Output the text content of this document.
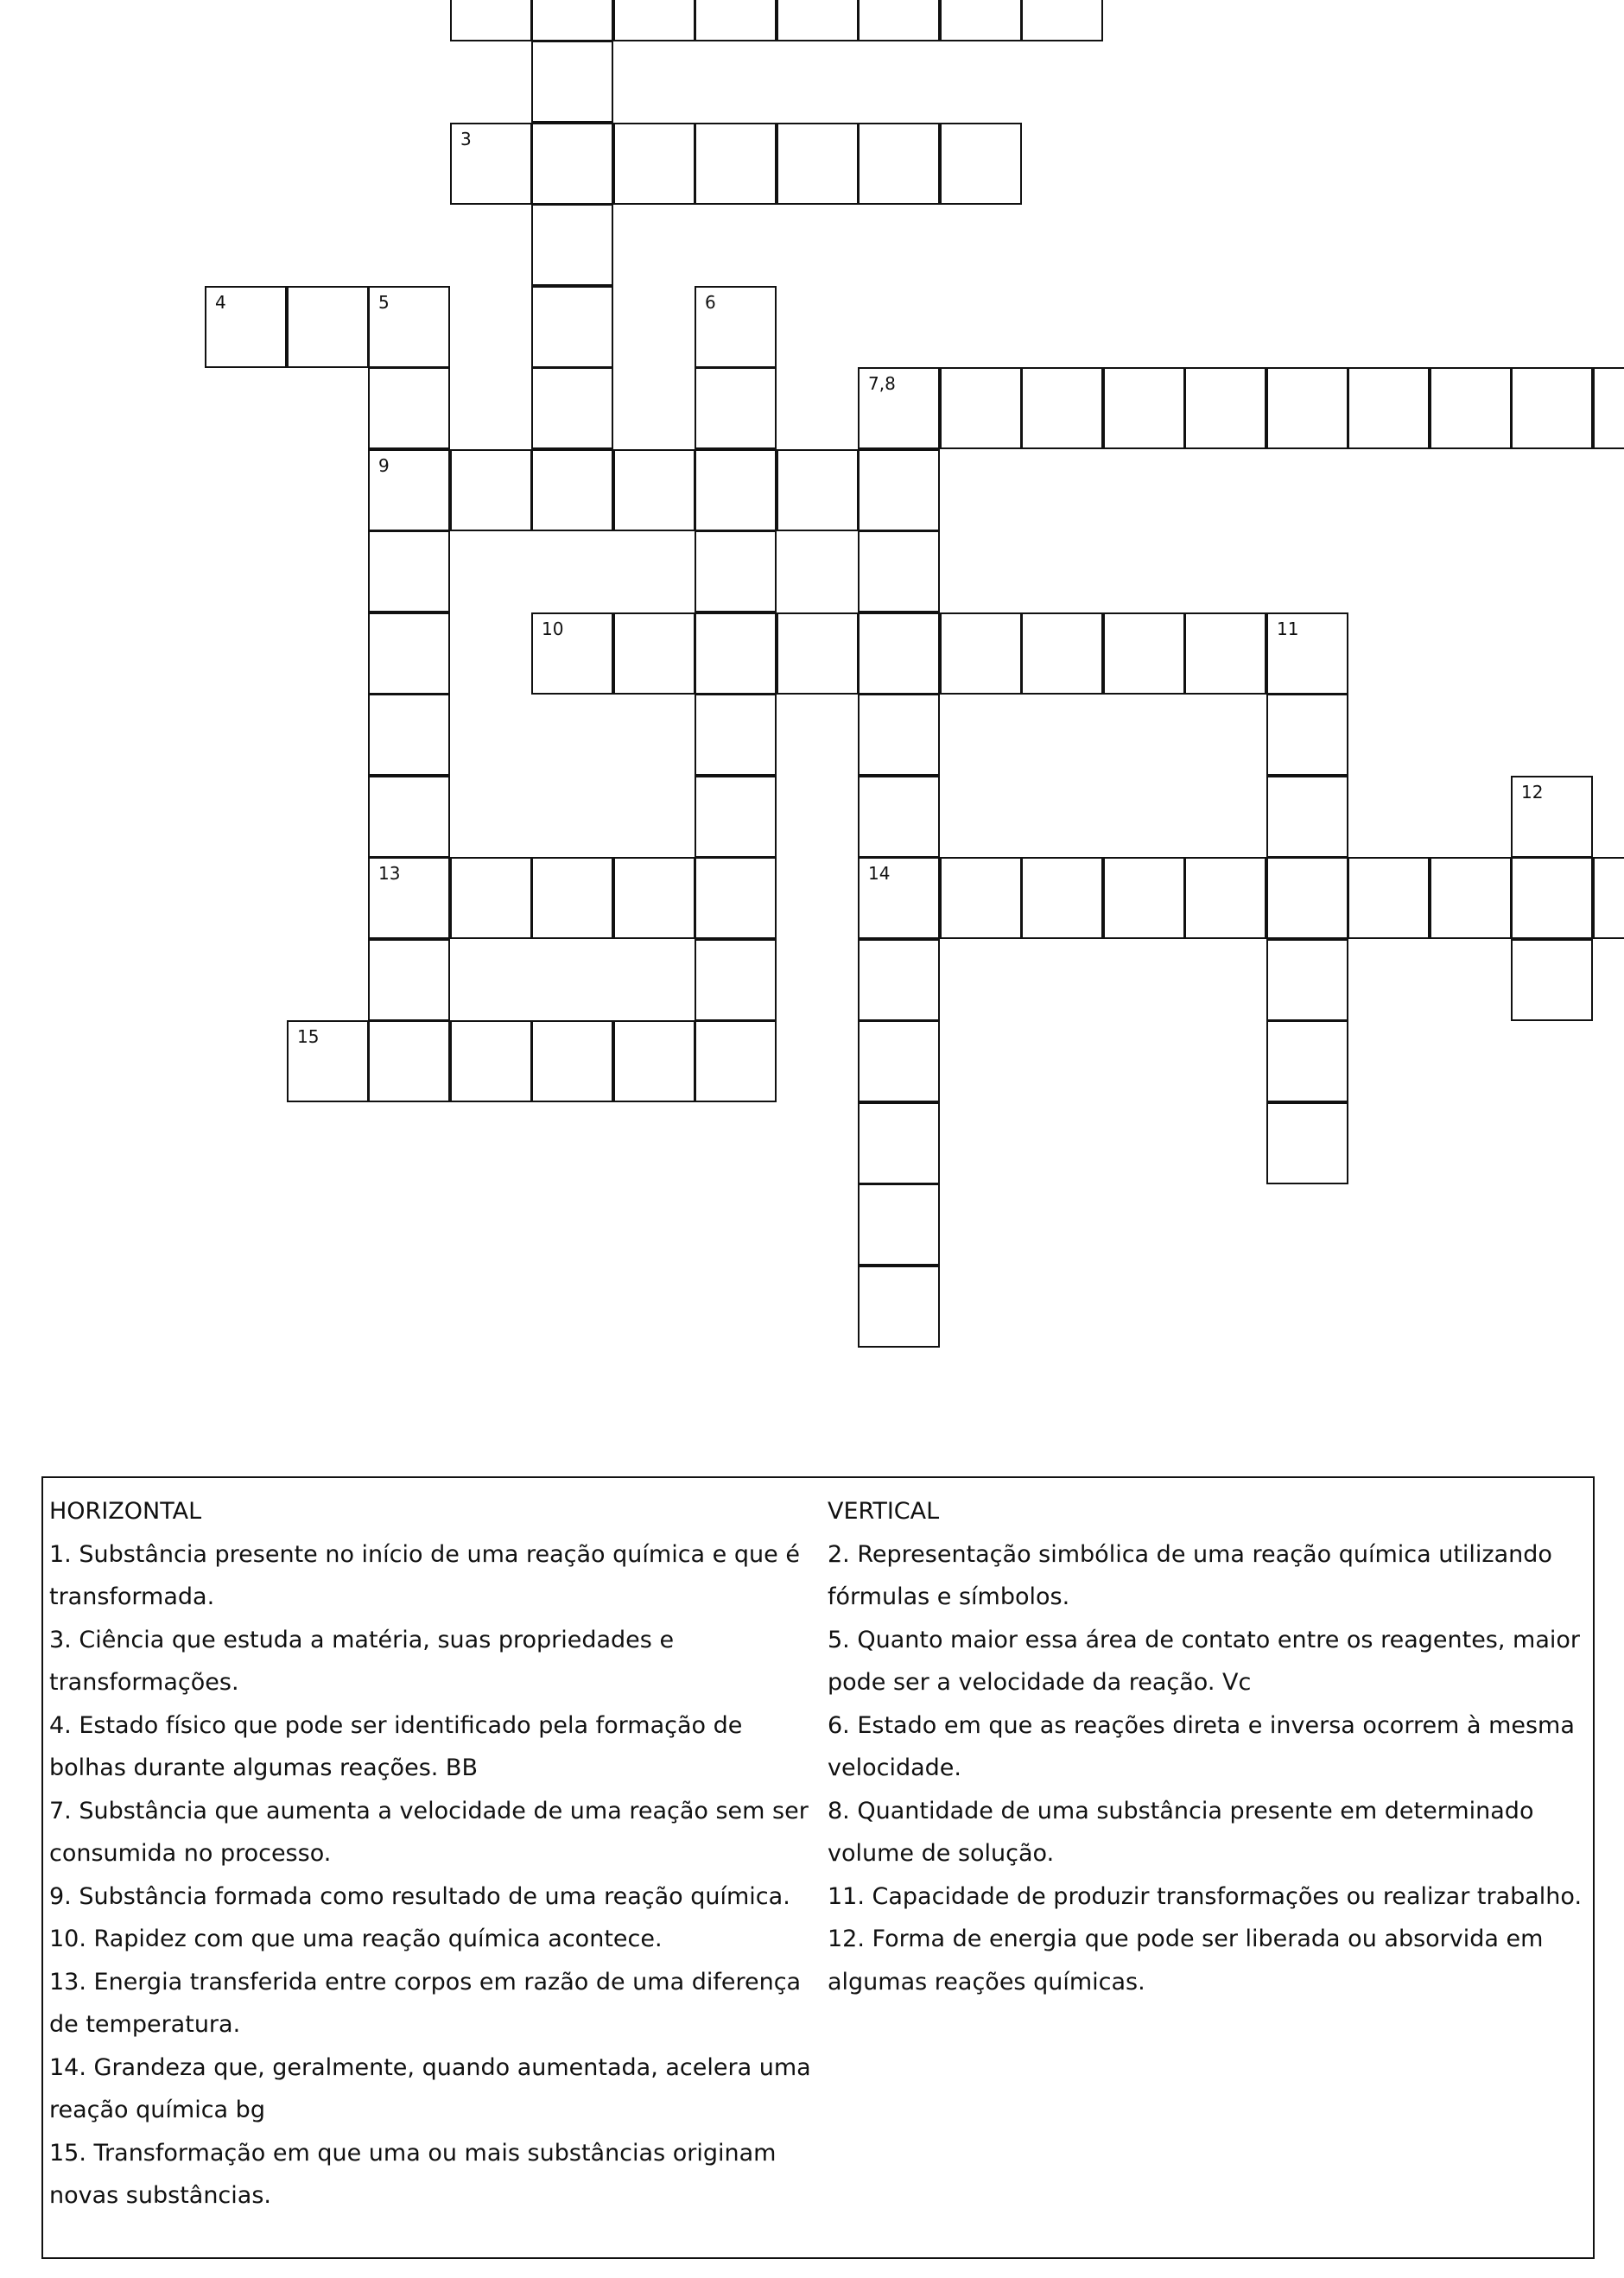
3
4	5	6
7,8
9
10	11
12
13	14
15
HORIZONTAL
1. Substância presente no início de uma reação química e que é transformada.
3. Ciência que estuda a matéria, suas propriedades e transformações.
4. Estado físico que pode ser identificado pela formação de bolhas durante algumas reações. BB
7. Substância que aumenta a velocidade de uma reação sem ser consumida no processo.
9. Substância formada como resultado de uma reação química.
10. Rapidez com que uma reação química acontece.
13. Energia transferida entre corpos em razão de uma diferença de temperatura.
14. Grandeza que, geralmente, quando aumentada, acelera uma reação química bg
15. Transformação em que uma ou mais substâncias originam novas substâncias.
VERTICAL
2. Representação simbólica de uma reação química utilizando fórmulas e símbolos.
5. Quanto maior essa área de contato entre os reagentes, maior pode ser a velocidade da reação. Vc
6. Estado em que as reações direta e inversa ocorrem à mesma velocidade.
8. Quantidade de uma substância presente em determinado volume de solução.
11. Capacidade de produzir transformações ou realizar trabalho.
12. Forma de energia que pode ser liberada ou absorvida em algumas reações químicas.
